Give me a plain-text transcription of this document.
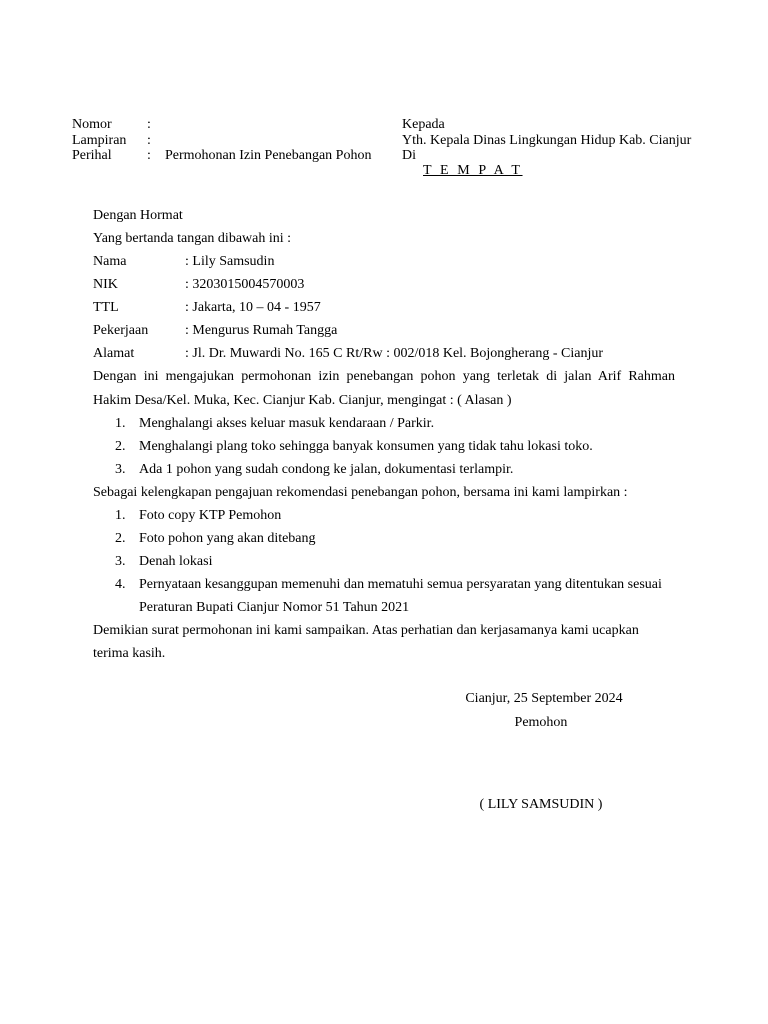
Nomor	:
Lampiran :
Perihal	: Permohonan Izin Penebangan Pohon
Kepada
Yth. Kepala Dinas Lingkungan Hidup Kab. Cianjur
Di
T E M P A T
Dengan Hormat
Yang bertanda tangan dibawah ini :
Nama	: Lily Samsudin
NIK	: 3203015004570003
TTL	: Jakarta, 10 – 04 - 1957
Pekerjaan	: Mengurus Rumah Tangga
Alamat	: Jl. Dr. Muwardi No. 165 C Rt/Rw : 002/018 Kel. Bojongherang - Cianjur
Dengan ini mengajukan permohonan izin penebangan pohon yang terletak di jalan Arif Rahman
Hakim Desa/Kel. Muka, Kec. Cianjur Kab. Cianjur, mengingat : ( Alasan )
1. Menghalangi akses keluar masuk kendaraan / Parkir.
2. Menghalangi plang toko sehingga banyak konsumen yang tidak tahu lokasi toko.
3. Ada 1 pohon yang sudah condong ke jalan, dokumentasi terlampir.
Sebagai kelengkapan pengajuan rekomendasi penebangan pohon, bersama ini kami lampirkan :
1. Foto copy KTP Pemohon
2. Foto pohon yang akan ditebang
3. Denah lokasi
4. Pernyataan kesanggupan memenuhi dan mematuhi semua persyaratan yang ditentukan sesuai
Peraturan Bupati Cianjur Nomor 51 Tahun 2021
Demikian surat permohonan ini kami sampaikan. Atas perhatian dan kerjasamanya kami ucapkan
terima kasih.
Cianjur, 25 September 2024
Pemohon
( LILY SAMSUDIN )
